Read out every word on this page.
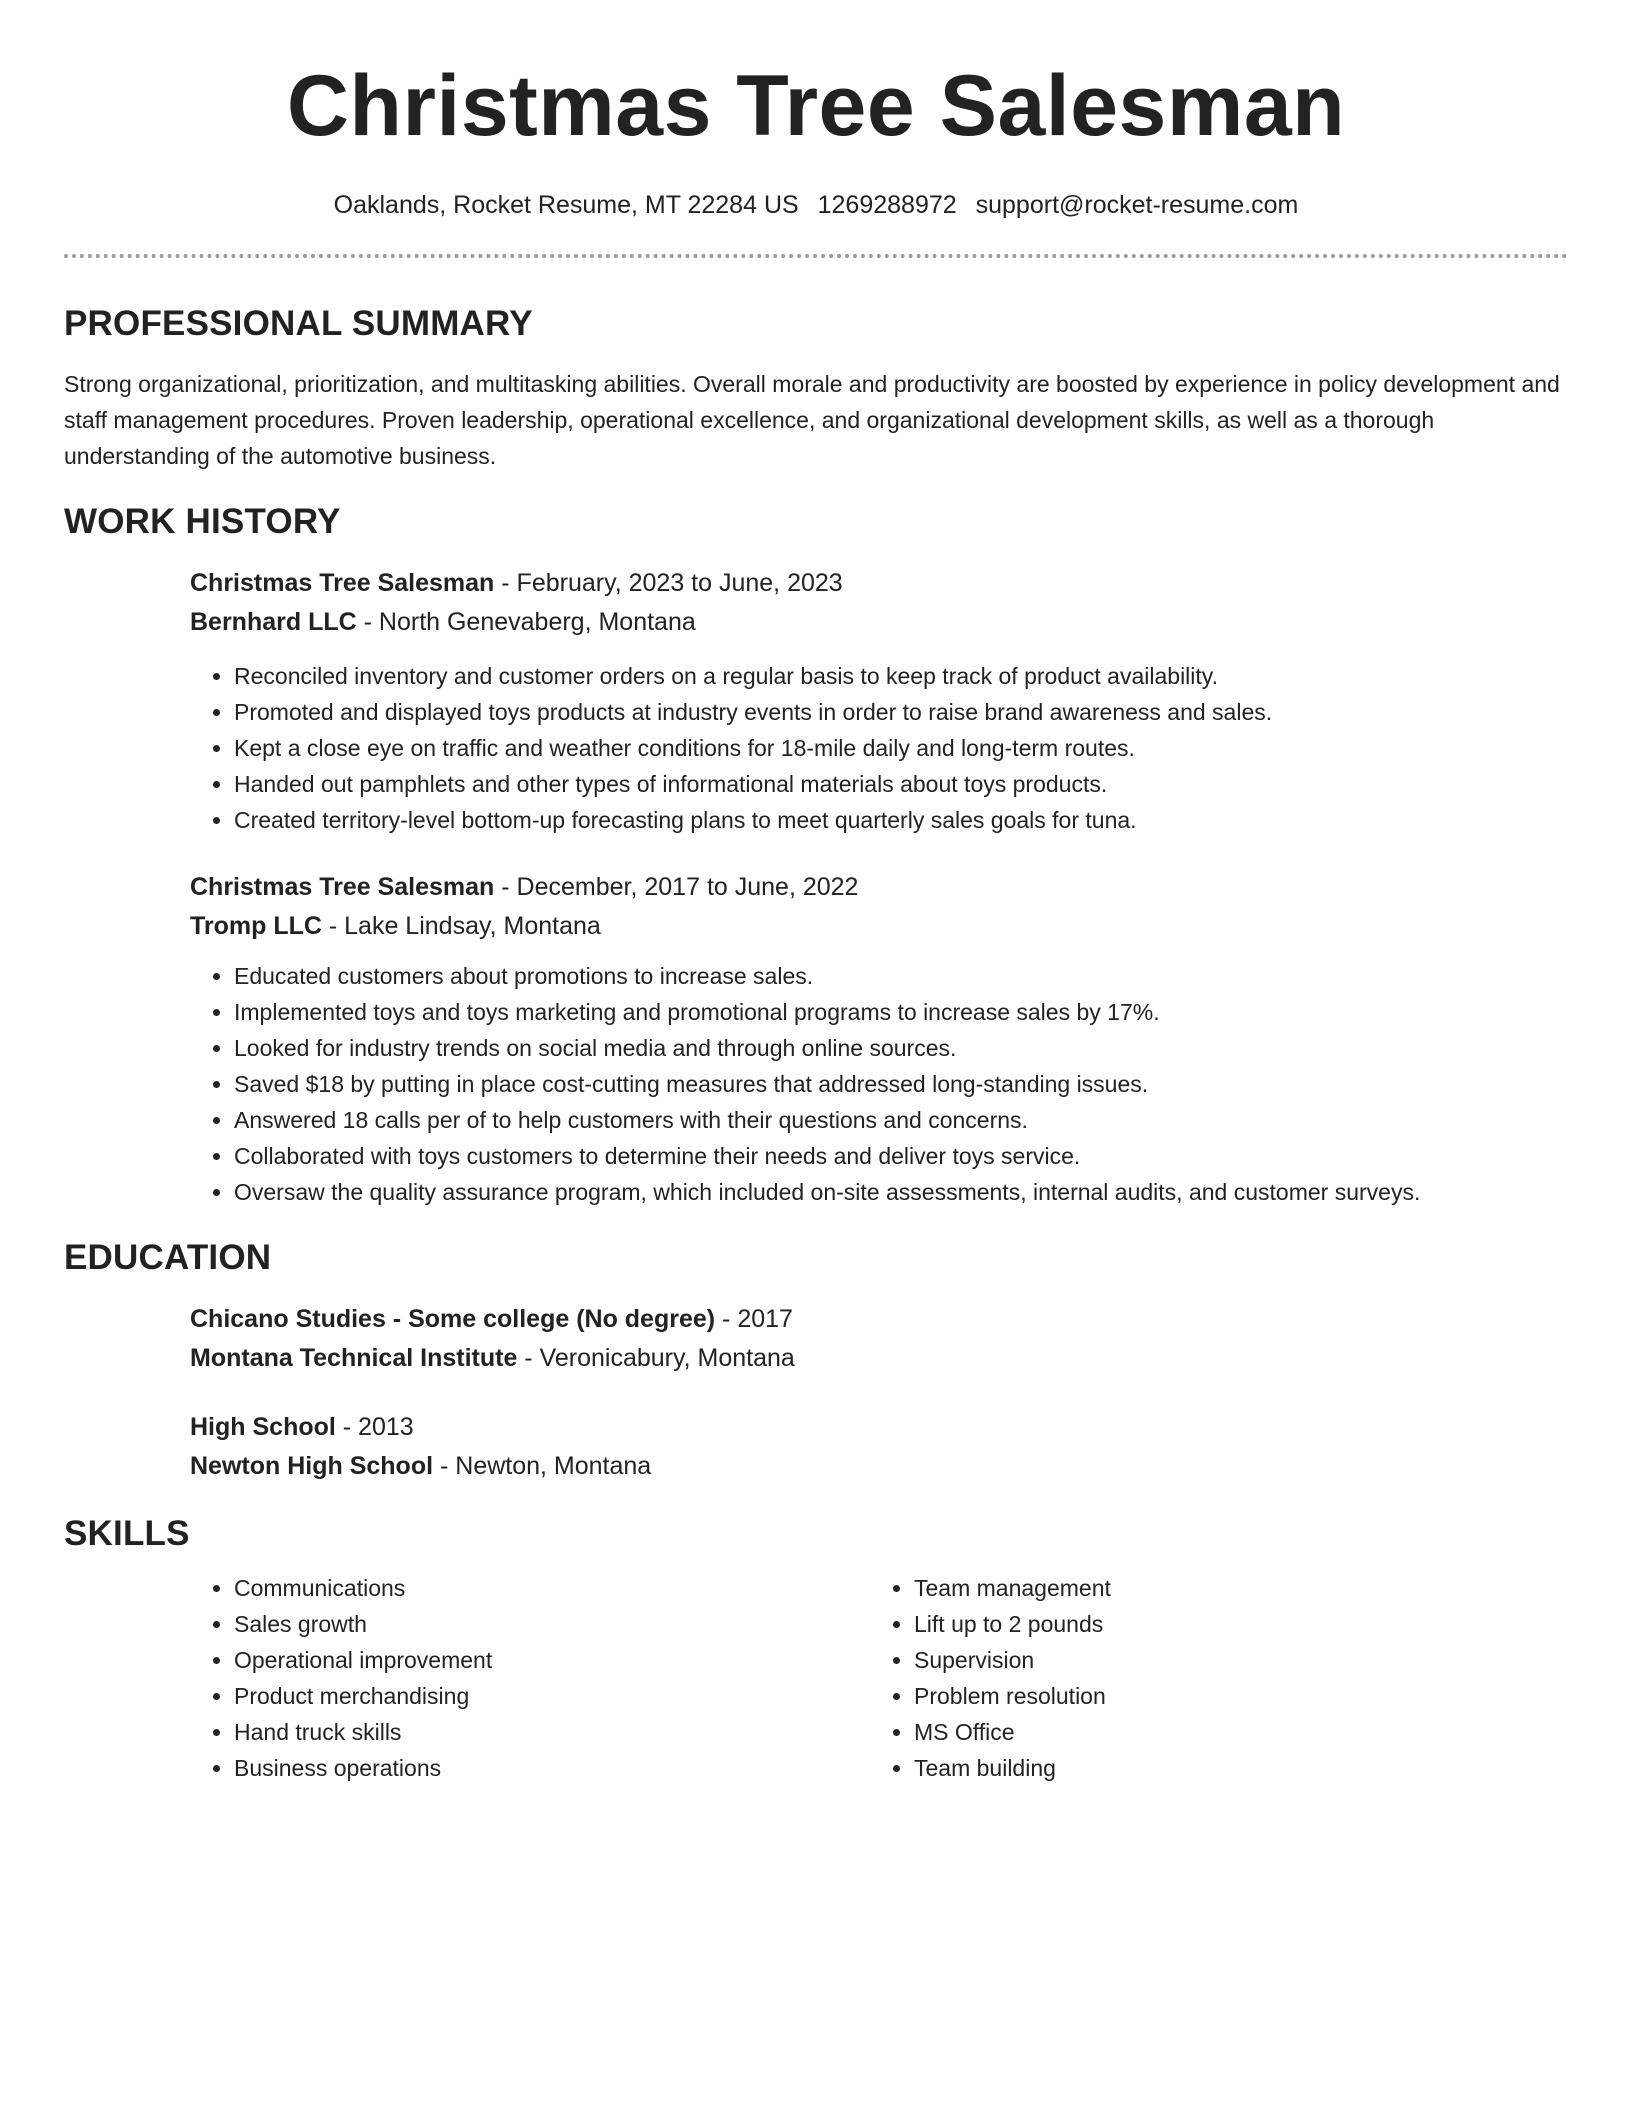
Christmas Tree Salesman
Oaklands, Rocket Resume, MT 22284 US 1269288972 support@rocket-resume.com
PROFESSIONAL SUMMARY

Strong organizational, prioritization, and multitasking abilities. Overall morale and productivity are boosted by experience in policy development and staff management procedures. Proven leadership, operational excellence, and organizational development skills, as well as a thorough understanding of the automotive business.

WORK HISTORY

Christmas Tree Salesman - February, 2023 to June, 2023

Bernhard LLC - North Genevaberg, Montana

• Reconciled inventory and customer orders on a regular basis to keep track of product availability.
• Promoted and displayed toys products at industry events in order to raise brand awareness and sales.
• Kept a close eye on traffic and weather conditions for 18-mile daily and long-term routes.
• Handed out pamphlets and other types of informational materials about toys products.
• Created territory-level bottom-up forecasting plans to meet quarterly sales goals for tuna.

Christmas Tree Salesman - December, 2017 to June, 2022

Tromp LLC - Lake Lindsay, Montana

• Educated customers about promotions to increase sales.
• Implemented toys and toys marketing and promotional programs to increase sales by 17%.
• Looked for industry trends on social media and through online sources.
• Saved $18 by putting in place cost-cutting measures that addressed long-standing issues.
• Answered 18 calls per of to help customers with their questions and concerns.
• Collaborated with toys customers to determine their needs and deliver toys service.
• Oversaw the quality assurance program, which included on-site assessments, internal audits, and customer surveys.
EDUCATION

Chicano Studies - Some college (No degree) - 2017

Montana Technical Institute - Veronicabury, Montana

High School - 2013

Newton High School - Newton, Montana

SKILLS
• Communications
• Sales growth
• Operational improvement
• Product merchandising
• Hand truck skills
• Business operations
• Team management
• Lift up to 2 pounds
• Supervision
• Problem resolution
• MS Office
• Team building
